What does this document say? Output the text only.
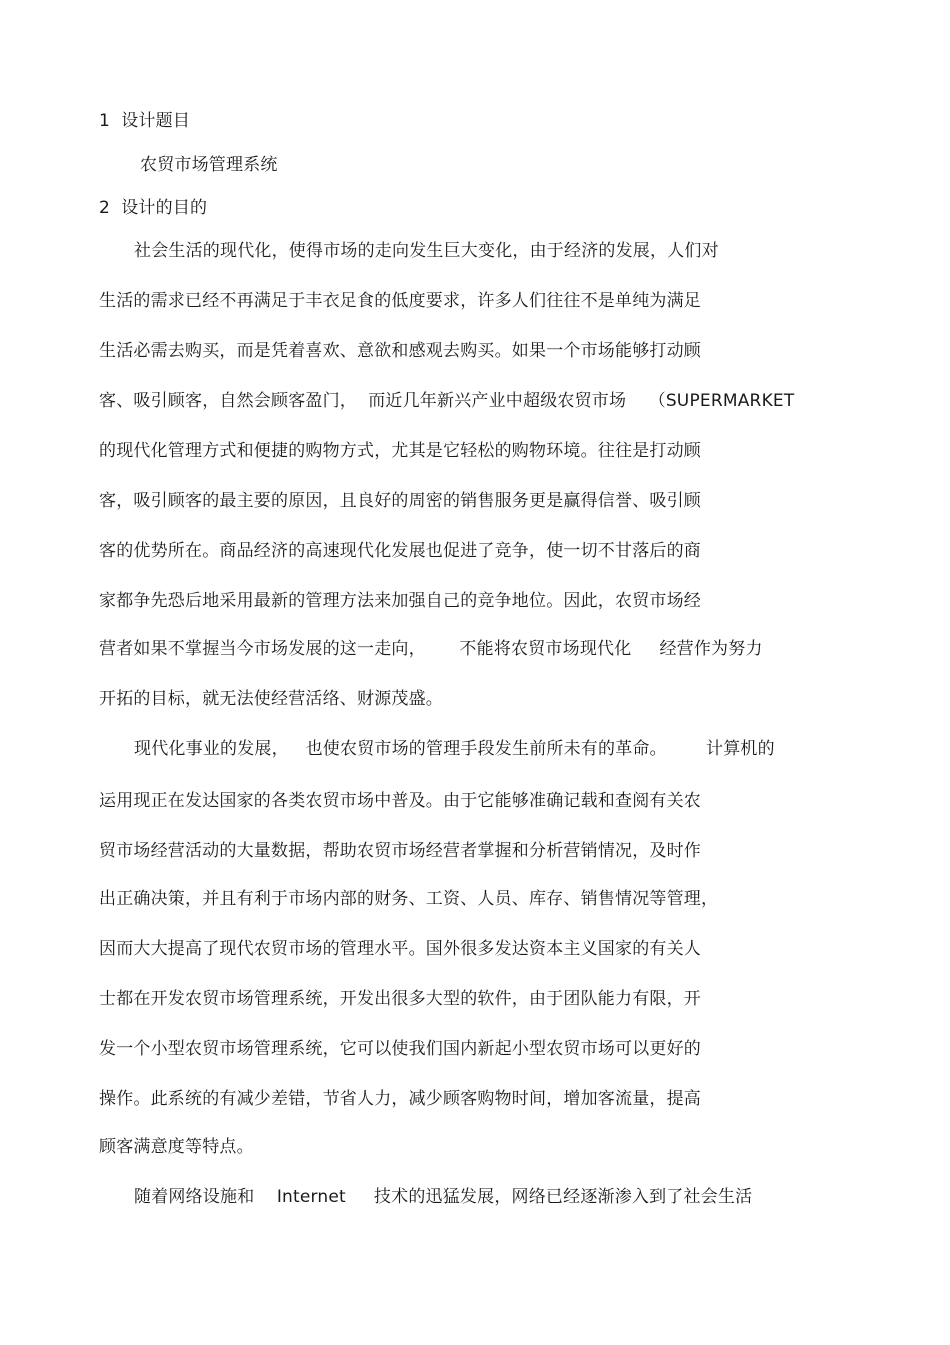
1  设计题目
农贸市场管理系统
2  设计的目的
社会生活的现代化，使得市场的走向发生巨大变化，由于经济的发展，人们对
生活的需求已经不再满足于丰衣足食的低度要求，许多人们往往不是单纯为满足
生活必需去购买，而是凭着喜欢、意欲和感观去购买。如果一个市场能够打动顾
客、吸引顾客，自然会顾客盈门，  而近几年新兴产业中超级农贸市场    （SUPERMARKET
的现代化管理方式和便捷的购物方式，尤其是它轻松的购物环境。往往是打动顾
客，吸引顾客的最主要的原因，且良好的周密的销售服务更是赢得信誉、吸引顾
客的优势所在。商品经济的高速现代化发展也促进了竞争，使一切不甘落后的商
家都争先恐后地采用最新的管理方法来加强自己的竞争地位。因此，农贸市场经
营者如果不掌握当今市场发展的这一走向，      不能将农贸市场现代化     经营作为努力
开拓的目标，就无法使经营活络、财源茂盛。
现代化事业的发展，   也使农贸市场的管理手段发生前所未有的革命。       计算机的
运用现正在发达国家的各类农贸市场中普及。由于它能够准确记载和查阅有关农
贸市场经营活动的大量数据，帮助农贸市场经营者掌握和分析营销情况，及时作
出正确决策，并且有利于市场内部的财务、工资、人员、库存、销售情况等管理，
因而大大提高了现代农贸市场的管理水平。国外很多发达资本主义国家的有关人
士都在开发农贸市场管理系统，开发出很多大型的软件，由于团队能力有限，开
发一个小型农贸市场管理系统，它可以使我们国内新起小型农贸市场可以更好的
操作。此系统的有减少差错，节省人力，减少顾客购物时间，增加客流量，提高
顾客满意度等特点。
随着网络设施和    Internet     技术的迅猛发展，网络已经逐渐渗入到了社会生活
